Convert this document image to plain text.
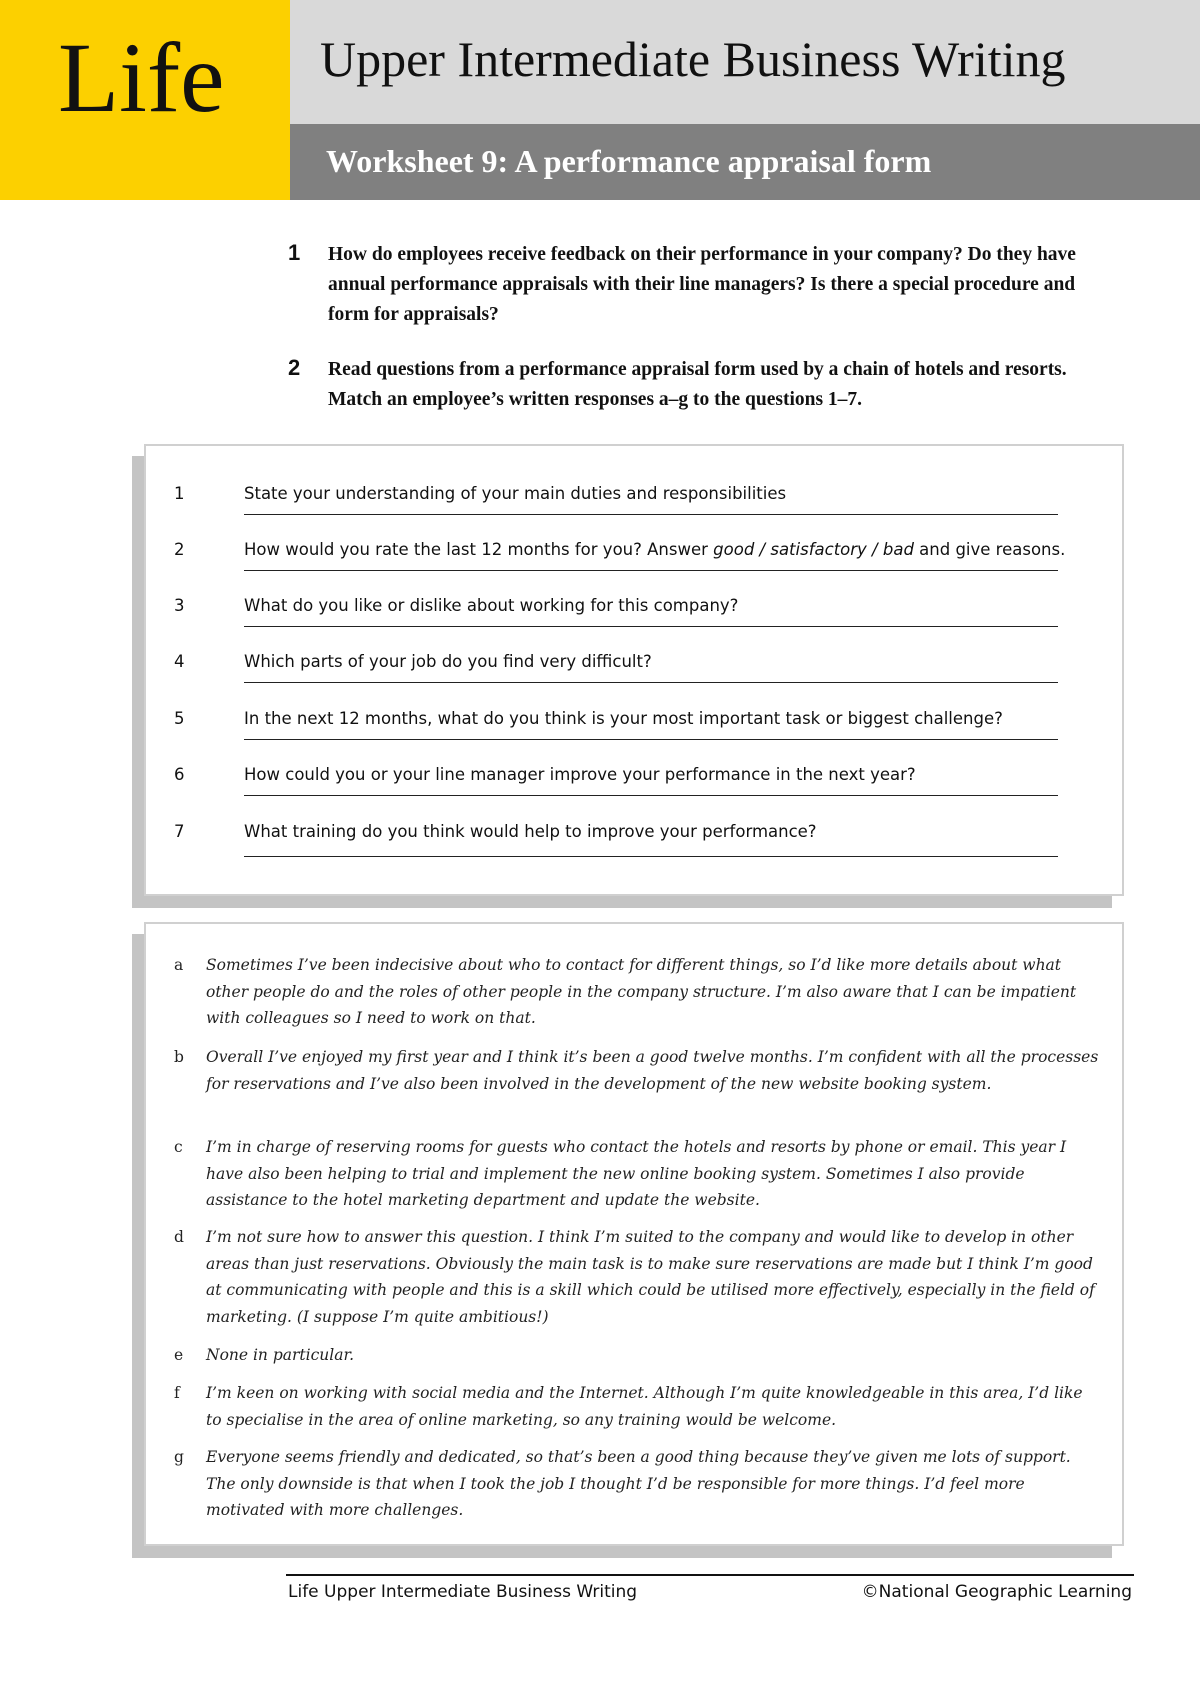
Life Upper Intermediate Business Writing
Worksheet 9: A performance appraisal form
1 How do employees receive feedback on their performance in your company? Do they have annual performance appraisals with their line managers? Is there a special procedure and form for appraisals?
2 Read questions from a performance appraisal form used by a chain of hotels and resorts. Match an employee’s written responses a–g to the questions 1–7.
1	State your understanding of your main duties and responsibilities
2	How would you rate the last 12 months for you? Answer good / satisfactory / bad and give reasons.
3	What do you like or dislike about working for this company?
4	Which parts of your job do you find very difficult?
5	In the next 12 months, what do you think is your most important task or biggest challenge?
6	How could you or your line manager improve your performance in the next year?
7	What training do you think would help to improve your performance?
a Sometimes I’ve been indecisive about who to contact for different things, so I’d like more details about what other people do and the roles of other people in the company structure. I’m also aware that I can be impatient with colleagues so I need to work on that.
b Overall I’ve enjoyed my first year and I think it’s been a good twelve months. I’m confident with all the processes for reservations and I’ve also been involved in the development of the new website booking system.
c I’m in charge of reserving rooms for guests who contact the hotels and resorts by phone or email. This year I have also been helping to trial and implement the new online booking system. Sometimes I also provide assistance to the hotel marketing department and update the website.
d I’m not sure how to answer this question. I think I’m suited to the company and would like to develop in other areas than just reservations. Obviously the main task is to make sure reservations are made but I think I’m good at communicating with people and this is a skill which could be utilised more effectively, especially in the field of marketing. (I suppose I’m quite ambitious!)
e None in particular.
f I’m keen on working with social media and the Internet. Although I’m quite knowledgeable in this area, I’d like to specialise in the area of online marketing, so any training would be welcome.
g Everyone seems friendly and dedicated, so that’s been a good thing because they’ve given me lots of support. The only downside is that when I took the job I thought I’d be responsible for more things. I’d feel more motivated with more challenges.
Life Upper Intermediate Business Writing	©National Geographic Learning
